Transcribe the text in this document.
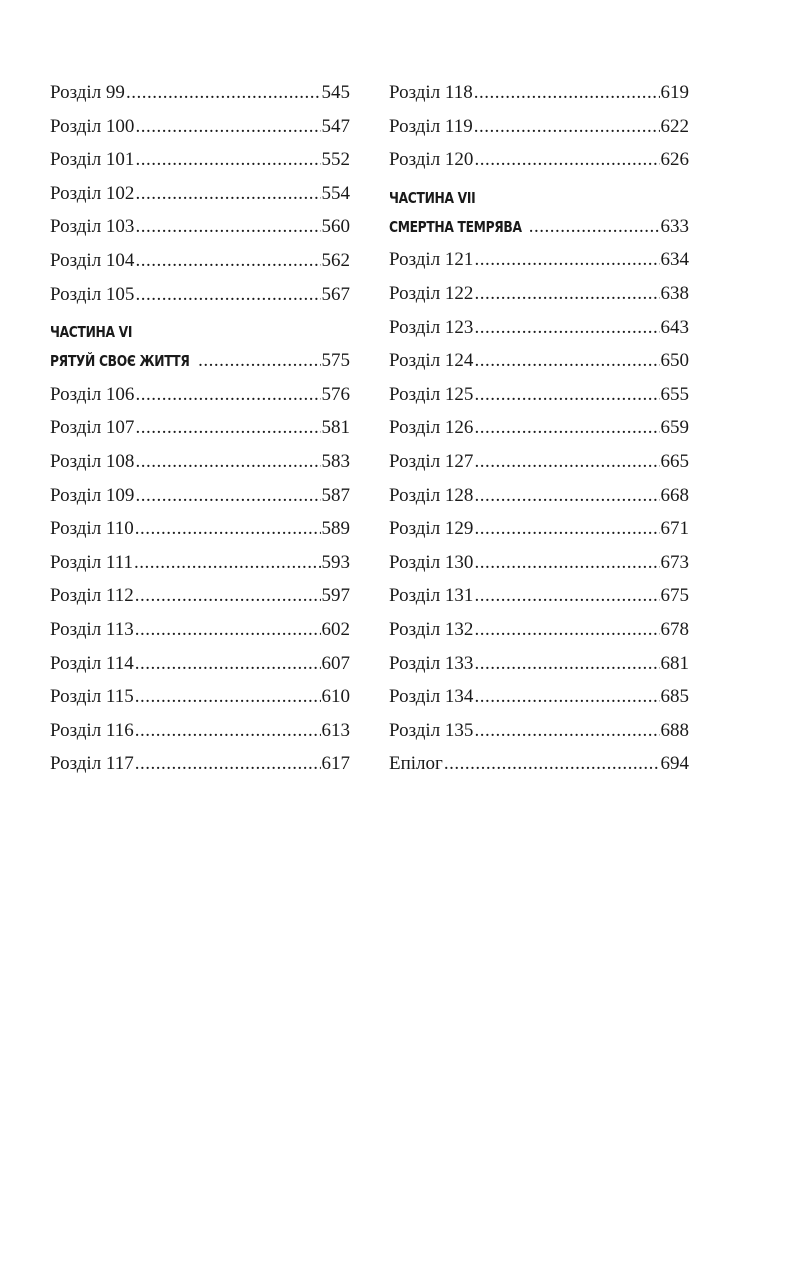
Розділ 99 .....	545
Розділ 100 .....	547
Розділ 101 .....	552
Розділ 102 .....	554
Розділ 103 .....	560
Розділ 104 .....	562
Розділ 105 .....	567
ЧАСТИНА VI
РЯТУЙ СВОЄ ЖИТТЯ .....	575
Розділ 106 .....	576
Розділ 107 .....	581
Розділ 108 .....	583
Розділ 109 .....	587
Розділ 110 .....	589
Розділ 111 .....	593
Розділ 112 .....	597
Розділ 113 .....	602
Розділ 114 .....	607
Розділ 115 .....	610
Розділ 116 .....	613
Розділ 117 .....	617
Розділ 118 .....	619
Розділ 119 .....	622
Розділ 120 .....	626
ЧАСТИНА VII
СМЕРТНА ТЕМРЯВА .....	633
Розділ 121 .....	634
Розділ 122 .....	638
Розділ 123 .....	643
Розділ 124 .....	650
Розділ 125 .....	655
Розділ 126 .....	659
Розділ 127 .....	665
Розділ 128 .....	668
Розділ 129 .....	671
Розділ 130 .....	673
Розділ 131 .....	675
Розділ 132 .....	678
Розділ 133 .....	681
Розділ 134 .....	685
Розділ 135 .....	688
Епілог .....	694
